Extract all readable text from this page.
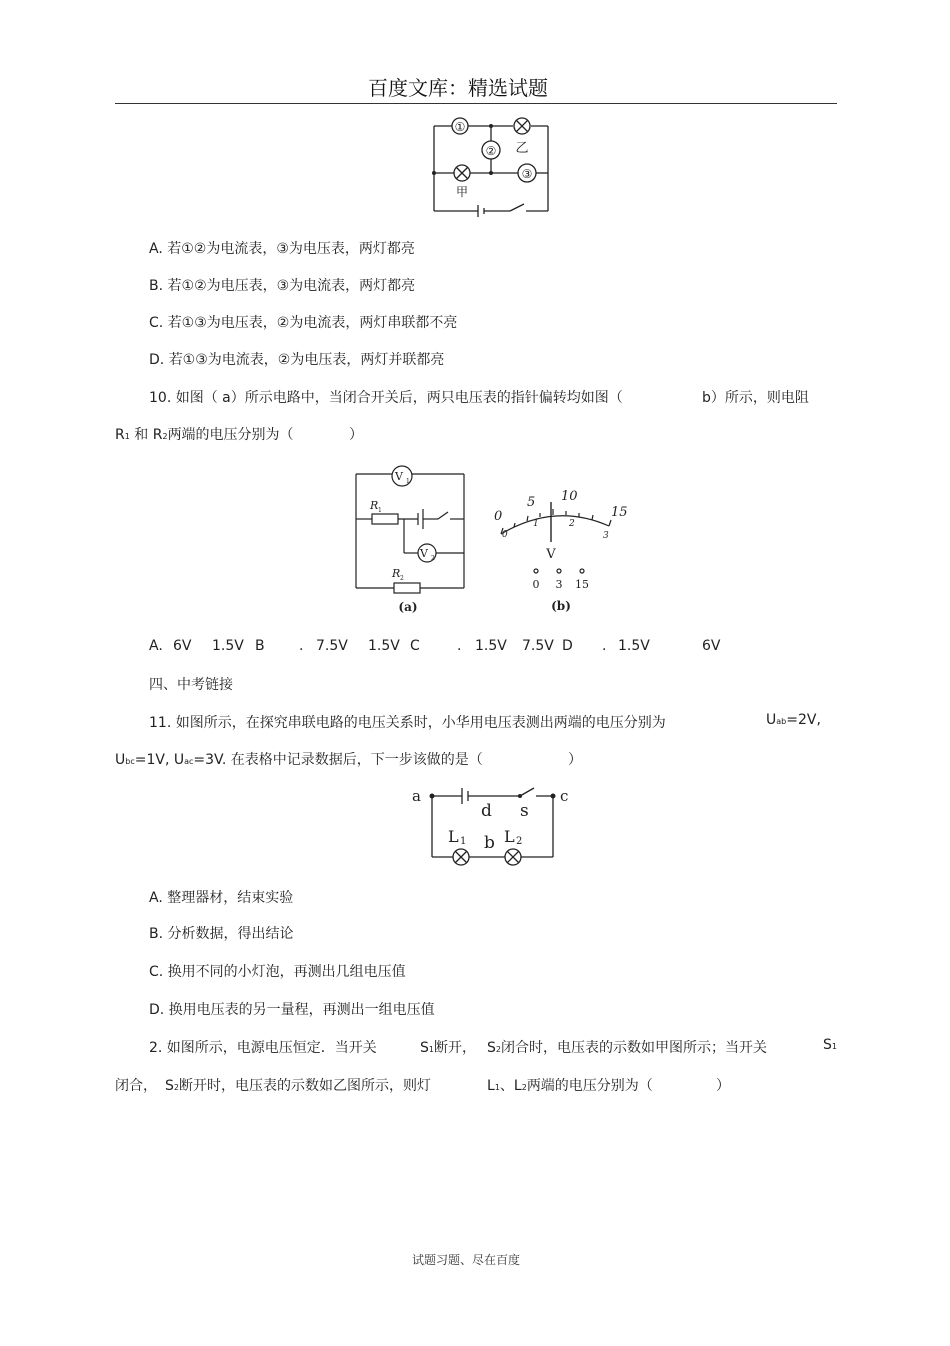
百度文库：精选试题
①
②
③
乙
甲
A. 若①②为电流表，③为电压表，两灯都亮
B. 若①②为电压表，③为电流表，两灯都亮
C. 若①③为电压表，②为电流表，两灯串联都不亮
D. 若①③为电流表，②为电压表，两灯并联都亮
10. 如图（ a）所示电路中，当闭合开关后，两只电压表的指针偏转均如图（	b）所示，则电阻
R1 和 R2两端的电压分别为（	）
V 1
V 2
R 1
R 2
(a)
0
5 10
15
0
1	2
3
V
0 3 15
(b)
A. 6V 1.5V B . 7.5V 1.5V C	. 1.5V 7.5V D . 1.5V	6V
四、中考链接
11. 如图所示，在探究串联电路的电压关系时，小华用电压表测出两端的电压分别为	Uab=2V,
Ubc=1V, Uac=3V. 在表格中记录数据后，下一步该做的是（	）
a	c
d s
b
L 1 L 2
A. 整理器材，结束实验
B. 分析数据，得出结论
C. 换用不同的小灯泡，再测出几组电压值
D. 换用电压表的另一量程，再测出一组电压值
2. 如图所示，电源电压恒定．当开关	S1断开， S2闭合时，电压表的示数如甲图所示；当开关	S1
闭合， S2断开时，电压表的示数如乙图所示，则灯	L1、L2两端的电压分别为（	）
试题习题、尽在百度
